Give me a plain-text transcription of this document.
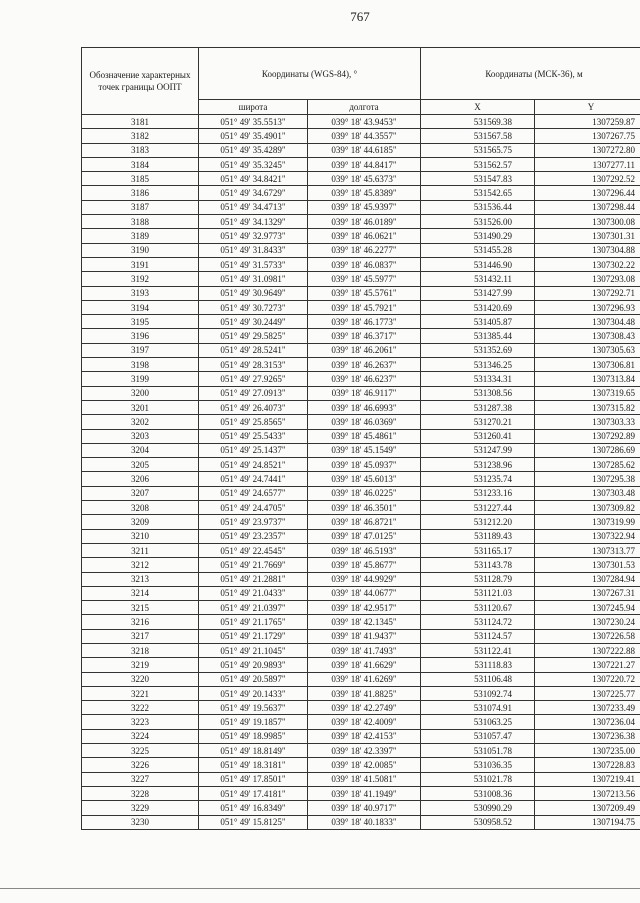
767
Обозначение характерных точек границы ООПТ	Координаты (WGS-84), °		Координаты (МСК-36), м	
	широта	долгота	X	Y
3181	051° 49' 35.5513"	039° 18' 43.9453"	531569.38	1307259.87
3182	051° 49' 35.4901"	039° 18' 44.3557"	531567.58	1307267.75
3183	051° 49' 35.4289"	039° 18' 44.6185"	531565.75	1307272.80
3184	051° 49' 35.3245"	039° 18' 44.8417"	531562.57	1307277.11
3185	051° 49' 34.8421"	039° 18' 45.6373"	531547.83	1307292.52
3186	051° 49' 34.6729"	039° 18' 45.8389"	531542.65	1307296.44
3187	051° 49' 34.4713"	039° 18' 45.9397"	531536.44	1307298.44
3188	051° 49' 34.1329"	039° 18' 46.0189"	531526.00	1307300.08
3189	051° 49' 32.9773"	039° 18' 46.0621"	531490.29	1307301.31
3190	051° 49' 31.8433"	039° 18' 46.2277"	531455.28	1307304.88
3191	051° 49' 31.5733"	039° 18' 46.0837"	531446.90	1307302.22
3192	051° 49' 31.0981"	039° 18' 45.5977"	531432.11	1307293.08
3193	051° 49' 30.9649"	039° 18' 45.5761"	531427.99	1307292.71
3194	051° 49' 30.7273"	039° 18' 45.7921"	531420.69	1307296.93
3195	051° 49' 30.2449"	039° 18' 46.1773"	531405.87	1307304.48
3196	051° 49' 29.5825"	039° 18' 46.3717"	531385.44	1307308.43
3197	051° 49' 28.5241"	039° 18' 46.2061"	531352.69	1307305.63
3198	051° 49' 28.3153"	039° 18' 46.2637"	531346.25	1307306.81
3199	051° 49' 27.9265"	039° 18' 46.6237"	531334.31	1307313.84
3200	051° 49' 27.0913"	039° 18' 46.9117"	531308.56	1307319.65
3201	051° 49' 26.4073"	039° 18' 46.6993"	531287.38	1307315.82
3202	051° 49' 25.8565"	039° 18' 46.0369"	531270.21	1307303.33
3203	051° 49' 25.5433"	039° 18' 45.4861"	531260.41	1307292.89
3204	051° 49' 25.1437"	039° 18' 45.1549"	531247.99	1307286.69
3205	051° 49' 24.8521"	039° 18' 45.0937"	531238.96	1307285.62
3206	051° 49' 24.7441"	039° 18' 45.6013"	531235.74	1307295.38
3207	051° 49' 24.6577"	039° 18' 46.0225"	531233.16	1307303.48
3208	051° 49' 24.4705"	039° 18' 46.3501"	531227.44	1307309.82
3209	051° 49' 23.9737"	039° 18' 46.8721"	531212.20	1307319.99
3210	051° 49' 23.2357"	039° 18' 47.0125"	531189.43	1307322.94
3211	051° 49' 22.4545"	039° 18' 46.5193"	531165.17	1307313.77
3212	051° 49' 21.7669"	039° 18' 45.8677"	531143.78	1307301.53
3213	051° 49' 21.2881"	039° 18' 44.9929"	531128.79	1307284.94
3214	051° 49' 21.0433"	039° 18' 44.0677"	531121.03	1307267.31
3215	051° 49' 21.0397"	039° 18' 42.9517"	531120.67	1307245.94
3216	051° 49' 21.1765"	039° 18' 42.1345"	531124.72	1307230.24
3217	051° 49' 21.1729"	039° 18' 41.9437"	531124.57	1307226.58
3218	051° 49' 21.1045"	039° 18' 41.7493"	531122.41	1307222.88
3219	051° 49' 20.9893"	039° 18' 41.6629"	531118.83	1307221.27
3220	051° 49' 20.5897"	039° 18' 41.6269"	531106.48	1307220.72
3221	051° 49' 20.1433"	039° 18' 41.8825"	531092.74	1307225.77
3222	051° 49' 19.5637"	039° 18' 42.2749"	531074.91	1307233.49
3223	051° 49' 19.1857"	039° 18' 42.4009"	531063.25	1307236.04
3224	051° 49' 18.9985"	039° 18' 42.4153"	531057.47	1307236.38
3225	051° 49' 18.8149"	039° 18' 42.3397"	531051.78	1307235.00
3226	051° 49' 18.3181"	039° 18' 42.0085"	531036.35	1307228.83
3227	051° 49' 17.8501"	039° 18' 41.5081"	531021.78	1307219.41
3228	051° 49' 17.4181"	039° 18' 41.1949"	531008.36	1307213.56
3229	051° 49' 16.8349"	039° 18' 40.9717"	530990.29	1307209.49
3230	051° 49' 15.8125"	039° 18' 40.1833"	530958.52	1307194.75
